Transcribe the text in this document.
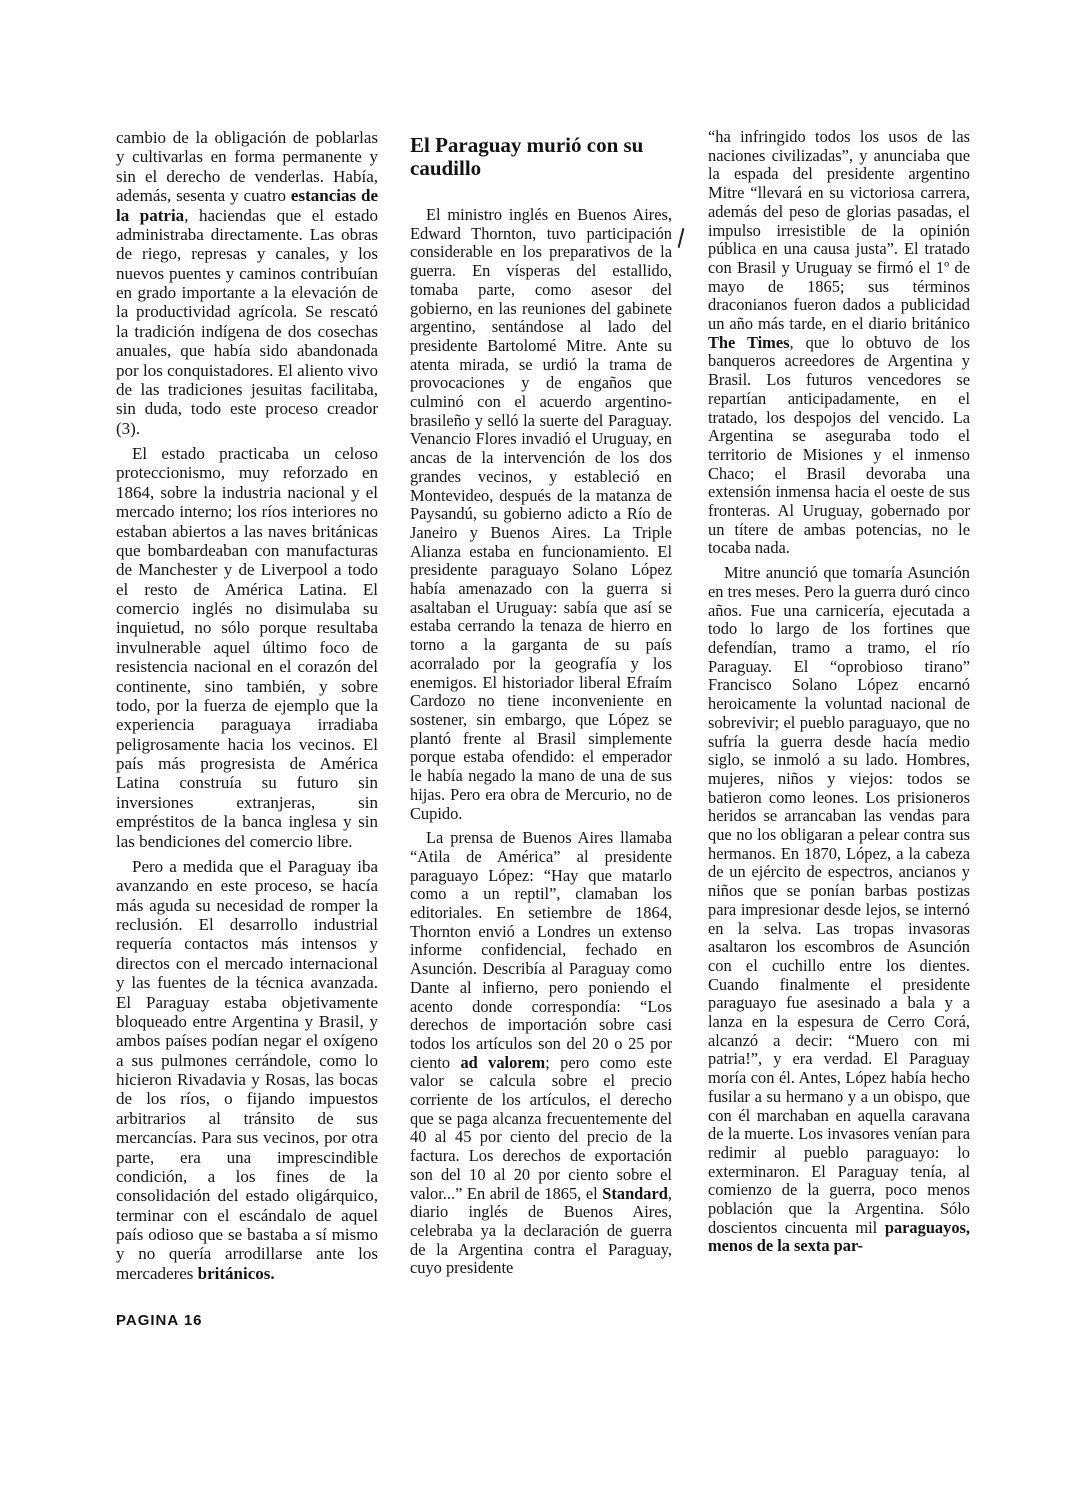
cambio de la obligación de poblarlas y cultivarlas en forma permanente y sin el derecho de venderlas. Había, además, sesenta y cuatro estancias de la patria, haciendas que el estado administraba directamente. Las obras de riego, represas y canales, y los nuevos puentes y caminos contribuían en grado importante a la elevación de la productividad agrícola. Se rescató la tradición indígena de dos cosechas anuales, que había sido abandonada por los conquistadores. El aliento vivo de las tradiciones jesuitas facilitaba, sin duda, todo este proceso creador (3).

El estado practicaba un celoso proteccionismo, muy reforzado en 1864, sobre la industria nacional y el mercado interno; los ríos interiores no estaban abiertos a las naves británicas que bombardeaban con manufacturas de Manchester y de Liverpool a todo el resto de América Latina. El comercio inglés no disimulaba su inquietud, no sólo porque resultaba invulnerable aquel último foco de resistencia nacional en el corazón del continente, sino también, y sobre todo, por la fuerza de ejemplo que la experiencia paraguaya irradiaba peligrosamente hacia los vecinos. El país más progresista de América Latina construía su futuro sin inversiones extranjeras, sin empréstitos de la banca inglesa y sin las bendiciones del comercio libre.

Pero a medida que el Paraguay iba avanzando en este proceso, se hacía más aguda su necesidad de romper la reclusión. El desarrollo industrial requería contactos más intensos y directos con el mercado internacional y las fuentes de la técnica avanzada. El Paraguay estaba objetivamente bloqueado entre Argentina y Brasil, y ambos países podían negar el oxígeno a sus pulmones cerrándole, como lo hicieron Rivadavia y Rosas, las bocas de los ríos, o fijando impuestos arbitrarios al tránsito de sus mercancías. Para sus vecinos, por otra parte, era una imprescindible condición, a los fines de la consolidación del estado oligárquico, terminar con el escándalo de aquel país odioso que se bastaba a sí mismo y no quería arrodillarse ante los mercaderes británicos.

El Paraguay murió con su caudillo

El ministro inglés en Buenos Aires, Edward Thornton, tuvo participación considerable en los preparativos de la guerra. En vísperas del estallido, tomaba parte, como asesor del gobierno, en las reuniones del gabinete argentino, sentándose al lado del presidente Bartolomé Mitre. Ante su atenta mirada, se urdió la trama de provocaciones y de engaños que culminó con el acuerdo argentino-brasileño y selló la suerte del Paraguay. Venancio Flores invadió el Uruguay, en ancas de la intervención de los dos grandes vecinos, y estableció en Montevideo, después de la matanza de Paysandú, su gobierno adicto a Río de Janeiro y Buenos Aires. La Triple Alianza estaba en funcionamiento. El presidente paraguayo Solano López había amenazado con la guerra si asaltaban el Uruguay: sabía que así se estaba cerrando la tenaza de hierro en torno a la garganta de su país acorralado por la geografía y los enemigos. El historiador liberal Efraím Cardozo no tiene inconveniente en sostener, sin embargo, que López se plantó frente al Brasil simplemente porque estaba ofendido: el emperador le había negado la mano de una de sus hijas. Pero era obra de Mercurio, no de Cupido.

La prensa de Buenos Aires llamaba “Atila de América” al presidente paraguayo López: “Hay que matarlo como a un reptil”, clamaban los editoriales. En setiembre de 1864, Thornton envió a Londres un extenso informe confidencial, fechado en Asunción. Describía al Paraguay como Dante al infierno, pero poniendo el acento donde correspondía: “Los derechos de importación sobre casi todos los artículos son del 20 o 25 por ciento ad valorem; pero como este valor se calcula sobre el precio corriente de los artículos, el derecho que se paga alcanza frecuentemente del 40 al 45 por ciento del precio de la factura. Los derechos de exportación son del 10 al 20 por ciento sobre el valor...” En abril de 1865, el Standard, diario inglés de Buenos Aires, celebraba ya la declaración de guerra de la Argentina contra el Paraguay, cuyo presidente

“ha infringido todos los usos de las naciones civilizadas”, y anunciaba que la espada del presidente argentino Mitre “llevará en su victoriosa carrera, además del peso de glorias pasadas, el impulso irresistible de la opinión pública en una causa justa”. El tratado con Brasil y Uruguay se firmó el 1º de mayo de 1865; sus términos draconianos fueron dados a publicidad un año más tarde, en el diario británico The Times, que lo obtuvo de los banqueros acreedores de Argentina y Brasil. Los futuros vencedores se repartían anticipadamente, en el tratado, los despojos del vencido. La Argentina se aseguraba todo el territorio de Misiones y el inmenso Chaco; el Brasil devoraba una extensión inmensa hacia el oeste de sus fronteras. Al Uruguay, gobernado por un títere de ambas potencias, no le tocaba nada.

Mitre anunció que tomaría Asunción en tres meses. Pero la guerra duró cinco años. Fue una carnicería, ejecutada a todo lo largo de los fortines que defendían, tramo a tramo, el río Paraguay. El “oprobioso tirano” Francisco Solano López encarnó heroicamente la voluntad nacional de sobrevivir; el pueblo paraguayo, que no sufría la guerra desde hacía medio siglo, se inmoló a su lado. Hombres, mujeres, niños y viejos: todos se batieron como leones. Los prisioneros heridos se arrancaban las vendas para que no los obligaran a pelear contra sus hermanos. En 1870, López, a la cabeza de un ejército de espectros, ancianos y niños que se ponían barbas postizas para impresionar desde lejos, se internó en la selva. Las tropas invasoras asaltaron los escombros de Asunción con el cuchillo entre los dientes. Cuando finalmente el presidente paraguayo fue asesinado a bala y a lanza en la espesura de Cerro Corá, alcanzó a decir: “Muero con mi patria!”, y era verdad. El Paraguay moría con él. Antes, López había hecho fusilar a su hermano y a un obispo, que con él marchaban en aquella caravana de la muerte. Los invasores venían para redimir al pueblo paraguayo: lo exterminaron. El Paraguay tenía, al comienzo de la guerra, poco menos población que la Argentina. Sólo doscientos cincuenta mil paraguayos, menos de la sexta par-

PAGINA 16
